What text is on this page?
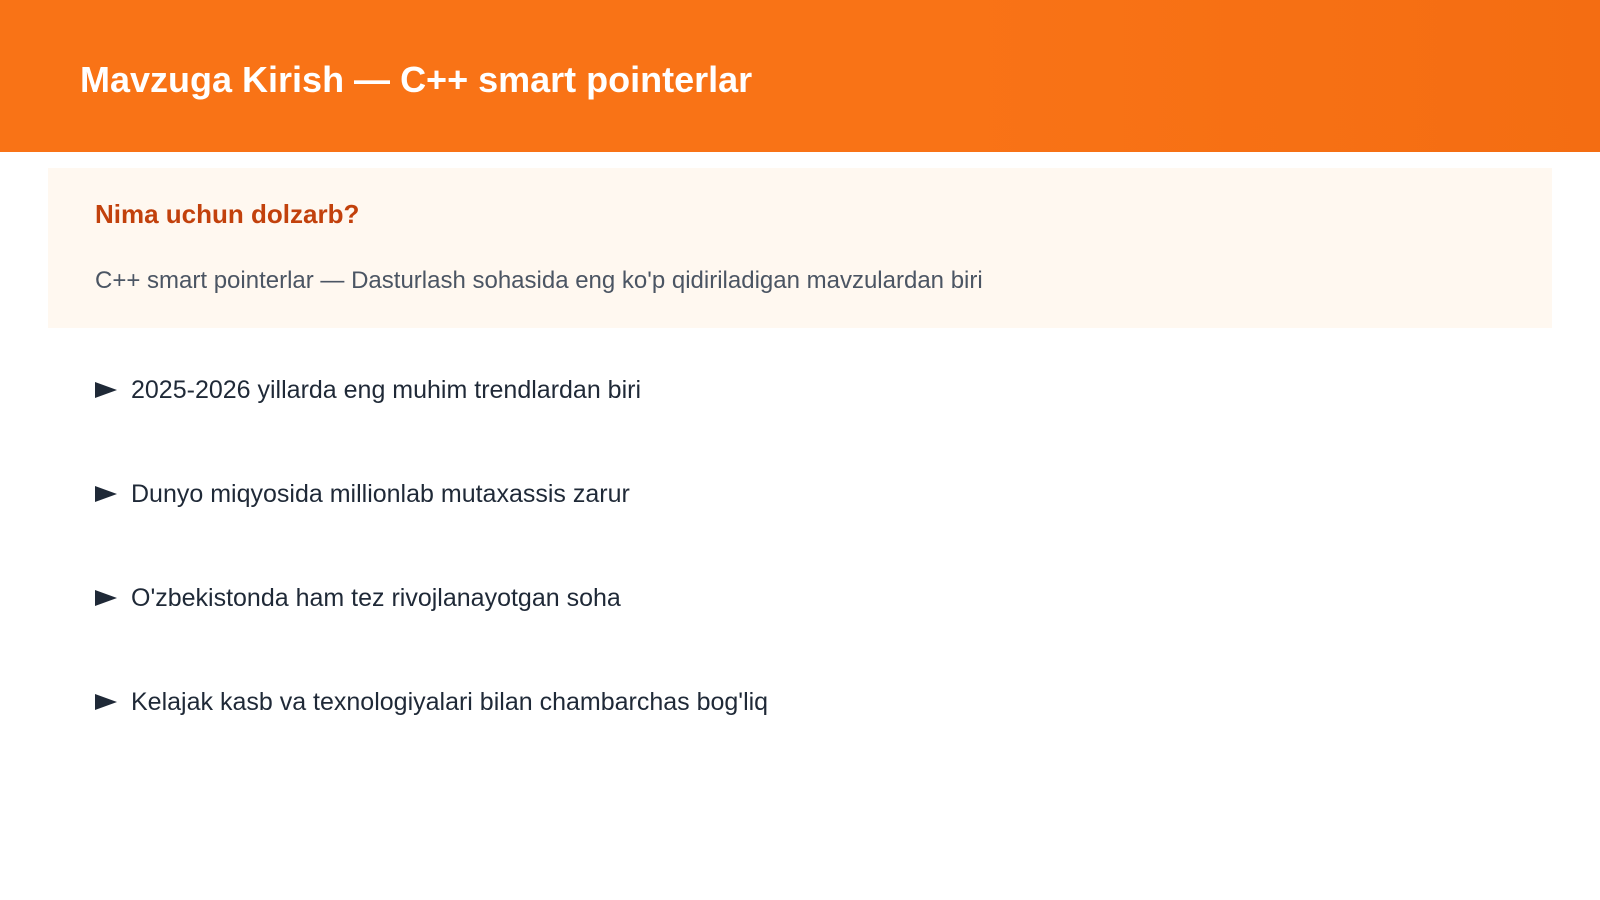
Mavzuga Kirish — C++ smart pointerlar
Nima uchun dolzarb?

C++ smart pointerlar — Dasturlash sohasida eng ko'p qidiriladigan mavzulardan biri

2025-2026 yillarda eng muhim trendlardan biri
Dunyo miqyosida millionlab mutaxassis zarur
O'zbekistonda ham tez rivojlanayotgan soha
Kelajak kasb va texnologiyalari bilan chambarchas bog'liq
